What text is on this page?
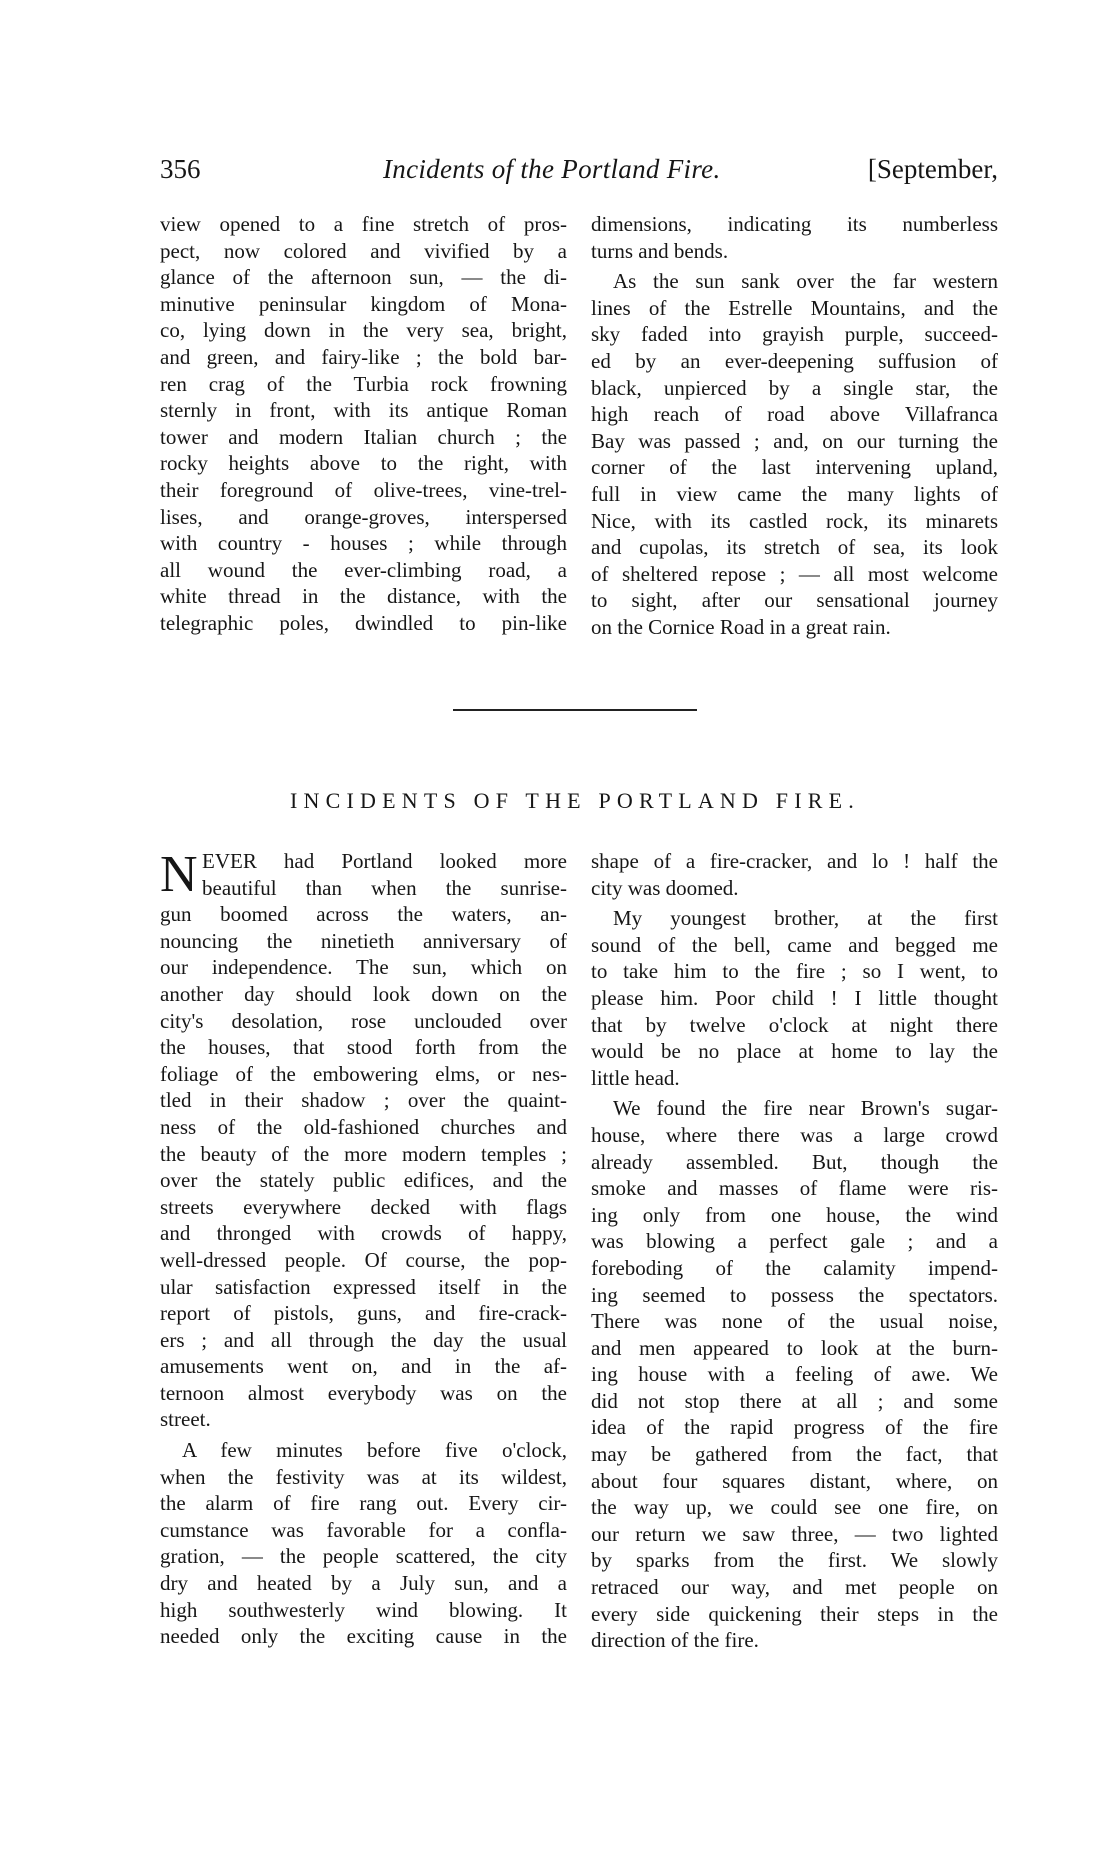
356	Incidents of the Portland Fire.	[September,
view opened to a fine stretch of pros-
pect, now colored and vivified by a
glance of the afternoon sun, — the di-
minutive peninsular kingdom of Mona-
co, lying down in the very sea, bright,
and green, and fairy-like ; the bold bar-
ren crag of the Turbia rock frowning
sternly in front, with its antique Roman
tower and modern Italian church ; the
rocky heights above to the right, with
their foreground of olive-trees, vine-trel-
lises, and orange-groves, interspersed
with country - houses ; while through
all wound the ever-climbing road, a
white thread in the distance, with the
telegraphic poles, dwindled to pin-like
dimensions, indicating its numberless
turns and bends.
As the sun sank over the far western
lines of the Estrelle Mountains, and the
sky faded into grayish purple, succeed-
ed by an ever-deepening suffusion of
black, unpierced by a single star, the
high reach of road above Villafranca
Bay was passed ; and, on our turning the
corner of the last intervening upland,
full in view came the many lights of
Nice, with its castled rock, its minarets
and cupolas, its stretch of sea, its look
of sheltered repose ; — all most welcome
to sight, after our sensational journey
on the Cornice Road in a great rain.
INCIDENTS OF THE PORTLAND FIRE.
N EVER had Portland looked more
beautiful than when the sunrise-
gun boomed across the waters, an-
nouncing the ninetieth anniversary of
our independence. The sun, which on
another day should look down on the
city's desolation, rose unclouded over
the houses, that stood forth from the
foliage of the embowering elms, or nes-
tled in their shadow ; over the quaint-
ness of the old-fashioned churches and
the beauty of the more modern temples ;
over the stately public edifices, and the
streets everywhere decked with flags
and thronged with crowds of happy,
well-dressed people. Of course, the pop-
ular satisfaction expressed itself in the
report of pistols, guns, and fire-crack-
ers ; and all through the day the usual
amusements went on, and in the af-
ternoon almost everybody was on the
street.
A few minutes before five o'clock,
when the festivity was at its wildest,
the alarm of fire rang out. Every cir-
cumstance was favorable for a confla-
gration, — the people scattered, the city
dry and heated by a July sun, and a
high southwesterly wind blowing. It
needed only the exciting cause in the
shape of a fire-cracker, and lo ! half the
city was doomed.
My youngest brother, at the first
sound of the bell, came and begged me
to take him to the fire ; so I went, to
please him. Poor child ! I little thought
that by twelve o'clock at night there
would be no place at home to lay the
little head.
We found the fire near Brown's sugar-
house, where there was a large crowd
already assembled. But, though the
smoke and masses of flame were ris-
ing only from one house, the wind
was blowing a perfect gale ; and a
foreboding of the calamity impend-
ing seemed to possess the spectators.
There was none of the usual noise,
and men appeared to look at the burn-
ing house with a feeling of awe. We
did not stop there at all ; and some
idea of the rapid progress of the fire
may be gathered from the fact, that
about four squares distant, where, on
the way up, we could see one fire, on
our return we saw three, — two lighted
by sparks from the first. We slowly
retraced our way, and met people on
every side quickening their steps in the
direction of the fire.
